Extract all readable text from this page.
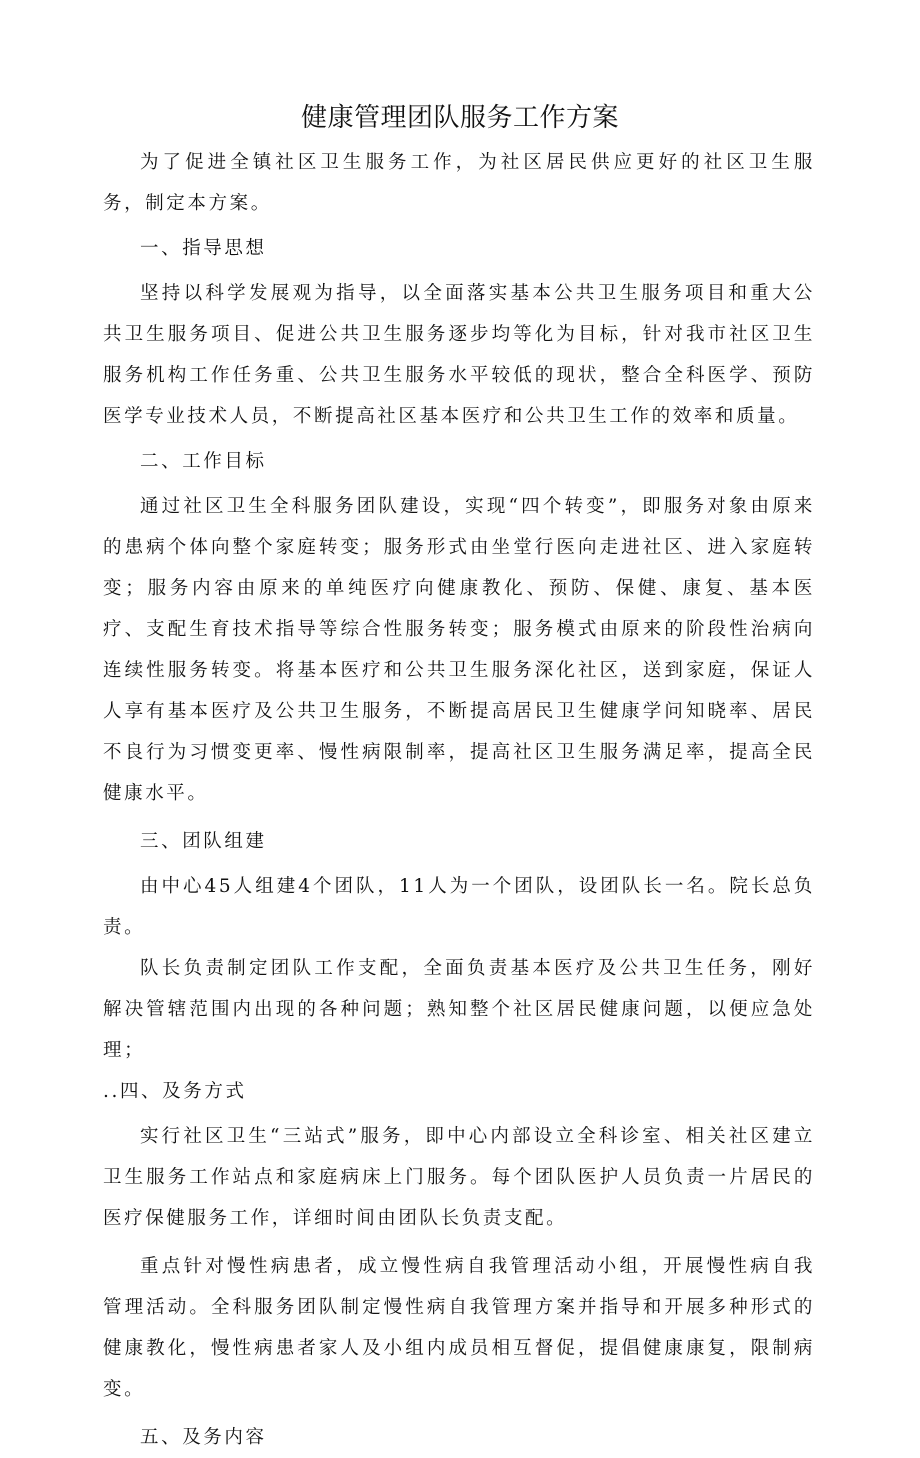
健康管理团队服务工作方案

为了促进全镇社区卫生服务工作，为社区居民供应更好的社区卫生服务，制定本方案。

一、指导思想

坚持以科学发展观为指导，以全面落实基本公共卫生服务项目和重大公共卫生服务项目、促进公共卫生服务逐步均等化为目标，针对我市社区卫生服务机构工作任务重、公共卫生服务水平较低的现状，整合全科医学、预防医学专业技术人员，不断提高社区基本医疗和公共卫生工作的效率和质量。

二、工作目标

通过社区卫生全科服务团队建设，实现“四个转变”，即服务对象由原来的患病个体向整个家庭转变；服务形式由坐堂行医向走进社区、进入家庭转变；服务内容由原来的单纯医疗向健康教化、预防、保健、康复、基本医疗、支配生育技术指导等综合性服务转变；服务模式由原来的阶段性治病向连续性服务转变。将基本医疗和公共卫生服务深化社区，送到家庭，保证人人享有基本医疗及公共卫生服务，不断提高居民卫生健康学问知晓率、居民不良行为习惯变更率、慢性病限制率，提高社区卫生服务满足率，提高全民健康水平。

三、团队组建

由中心45人组建4个团队，11人为一个团队，设团队长一名。院长总负责。

队长负责制定团队工作支配，全面负责基本医疗及公共卫生任务，刚好解决管辖范围内出现的各种问题；熟知整个社区居民健康问题，以便应急处理；

..四、及务方式

实行社区卫生“三站式”服务，即中心内部设立全科诊室、相关社区建立卫生服务工作站点和家庭病床上门服务。每个团队医护人员负责一片居民的医疗保健服务工作，详细时间由团队长负责支配。

重点针对慢性病患者，成立慢性病自我管理活动小组，开展慢性病自我管理活动。全科服务团队制定慢性病自我管理方案并指导和开展多种形式的健康教化，慢性病患者家人及小组内成员相互督促，提倡健康康复，限制病变。

五、及务内容
